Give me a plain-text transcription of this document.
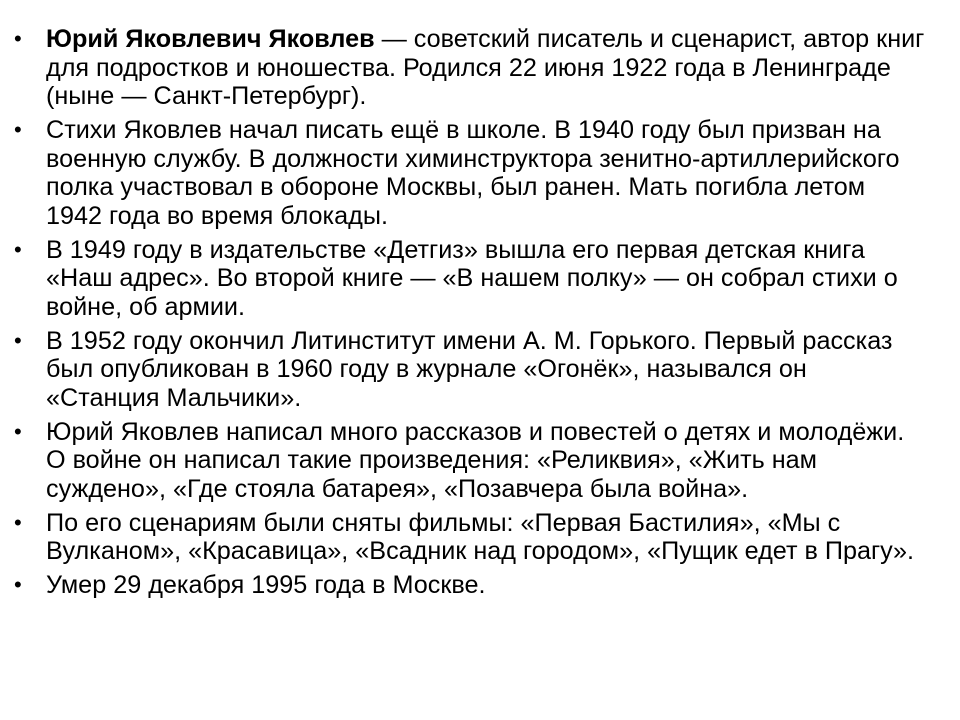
• Юрий Яковлевич Яковлев — советский писатель и сценарист, автор книг для подростков и юношества. Родился 22 июня 1922 года в Ленинграде (ныне — Санкт-Петербург).
• Стихи Яковлев начал писать ещё в школе. В 1940 году был призван на военную службу. В должности химинструктора зенитно-артиллерийского полка участвовал в обороне Москвы, был ранен. Мать погибла летом 1942 года во время блокады.
• В 1949 году в издательстве «Детгиз» вышла его первая детская книга «Наш адрес». Во второй книге — «В нашем полку» — он собрал стихи о войне, об армии.
• В 1952 году окончил Литинститут имени А. М. Горького. Первый рассказ был опубликован в 1960 году в журнале «Огонёк», назывался он «Станция Мальчики».
• Юрий Яковлев написал много рассказов и повестей о детях и молодёжи. О войне он написал такие произведения: «Реликвия», «Жить нам суждено», «Где стояла батарея», «Позавчера была война».
• По его сценариям были сняты фильмы: «Первая Бастилия», «Мы с Вулканом», «Красавица», «Всадник над городом», «Пущик едет в Прагу».
• Умер 29 декабря 1995 года в Москве.
